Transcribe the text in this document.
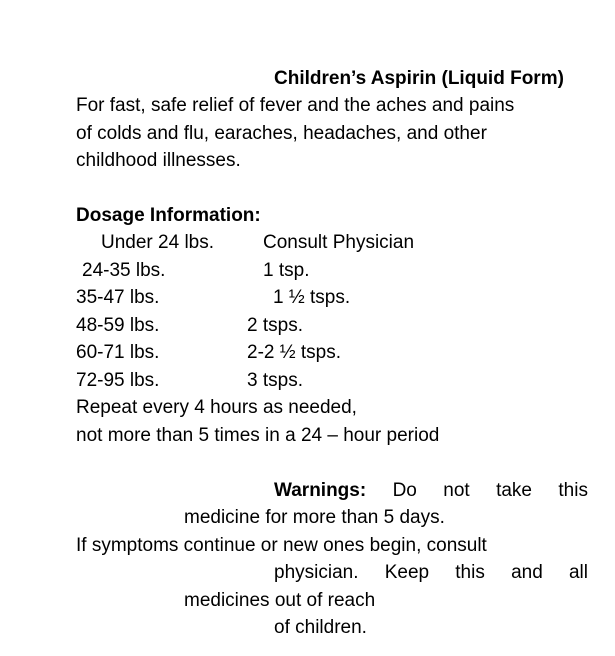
Children’s Aspirin (Liquid Form)
For fast, safe relief of fever and the aches and pains
of colds and flu, earaches, headaches, and other
childhood illnesses.
Dosage Information:
Under 24 lbs.	Consult Physician
24-35 lbs.	1 tsp.
35-47 lbs.	1 ½ tsps.
48-59 lbs.	2 tsps.
60-71 lbs.	2-2 ½ tsps.
72-95 lbs.	3 tsps.
Repeat every 4 hours as needed,
not more than 5 times in a 24 – hour period
Warnings: Do not take this
medicine for more than 5 days.
If symptoms continue or new ones begin, consult
physician. Keep this and all
medicines out of reach
of children.
